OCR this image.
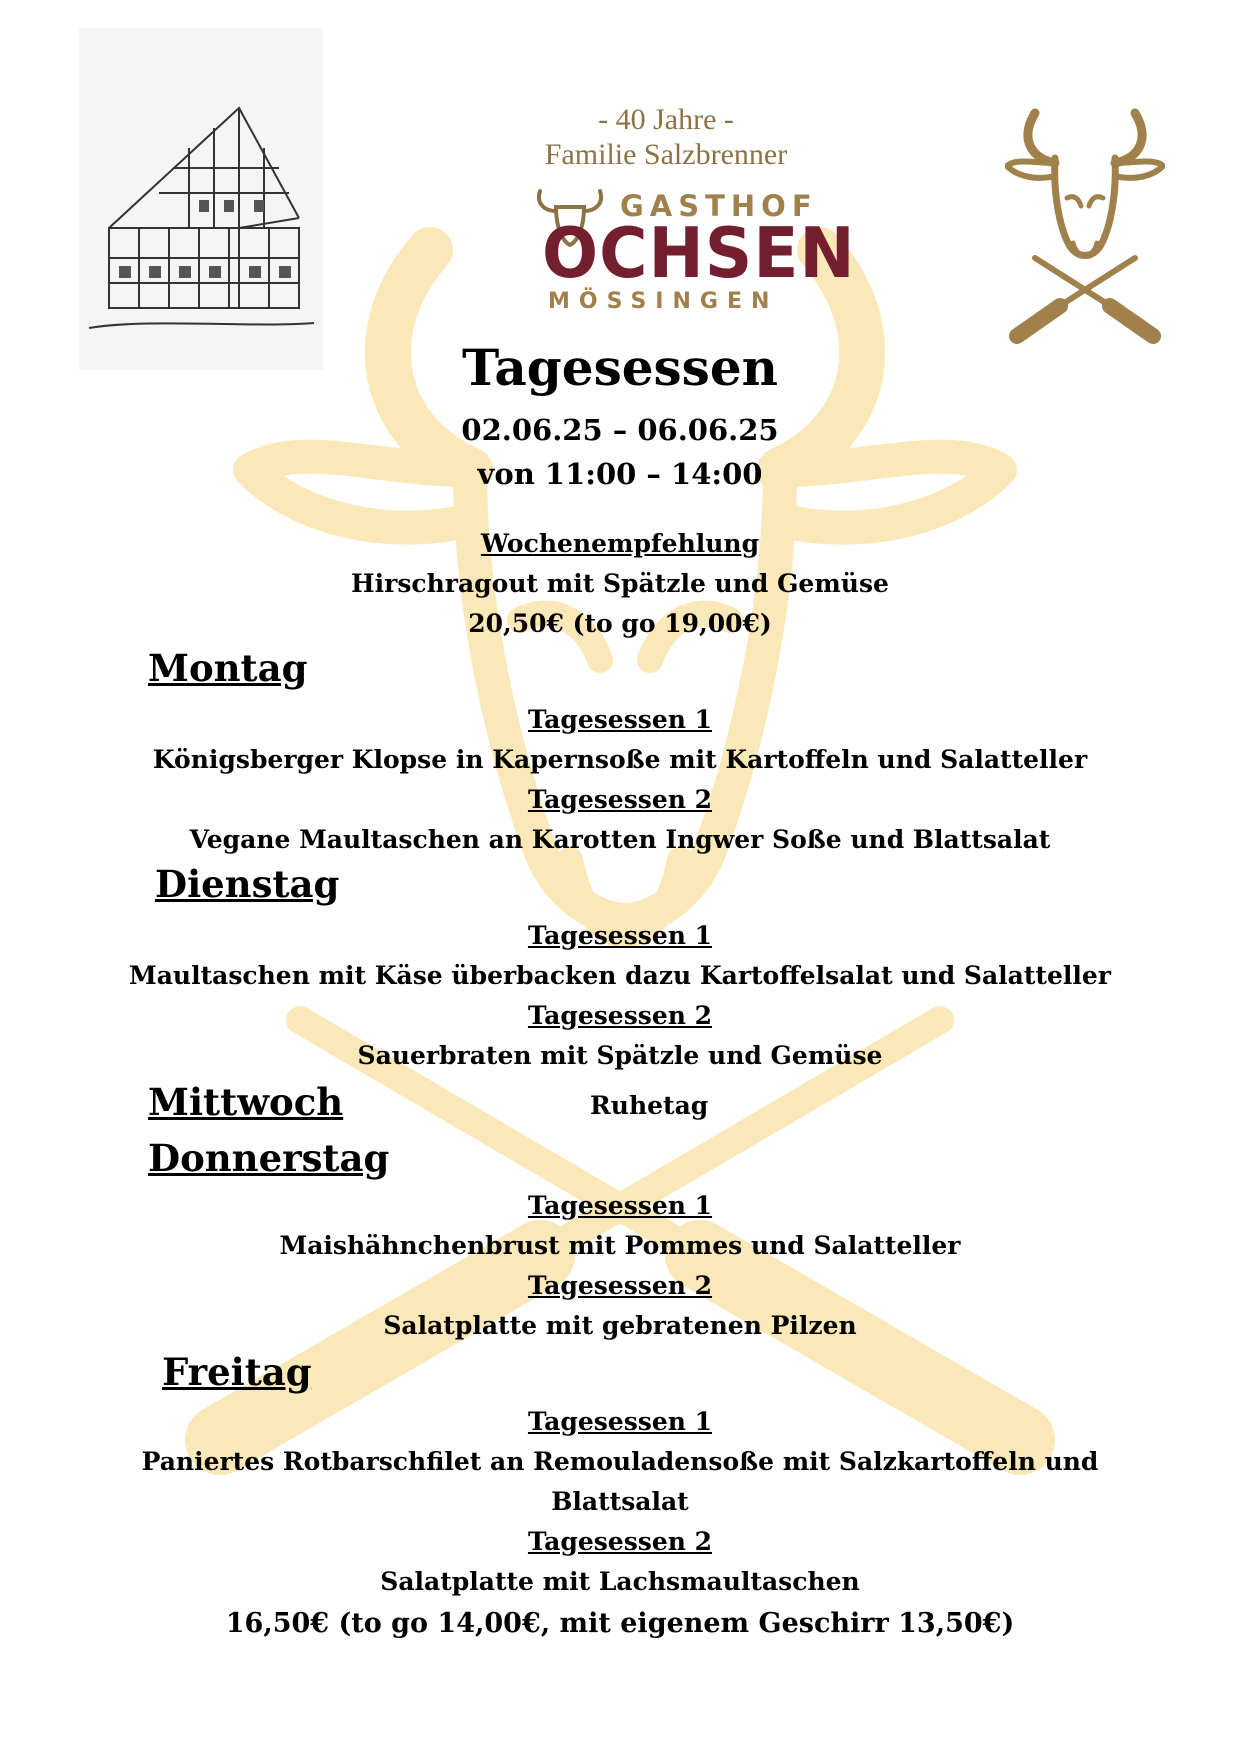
- 40 Jahre -
Familie Salzbrenner
GASTHOF
OCHSEN
MÖSSINGEN
Tagesessen
02.06.25 – 06.06.25
von 11:00 – 14:00
Wochenempfehlung
Hirschragout mit Spätzle und Gemüse
20,50€ (to go 19,00€)
Montag
Tagesessen 1
Königsberger Klopse in Kapernsoße mit Kartoffeln und Salatteller
Tagesessen 2
Vegane Maultaschen an Karotten Ingwer Soße und Blattsalat
Dienstag
Tagesessen 1
Maultaschen mit Käse überbacken dazu Kartoffelsalat und Salatteller
Tagesessen 2
Sauerbraten mit Spätzle und Gemüse
Mittwoch	Ruhetag
Donnerstag
Tagesessen 1
Maishähnchenbrust mit Pommes und Salatteller
Tagesessen 2
Salatplatte mit gebratenen Pilzen
Freitag
Tagesessen 1
Paniertes Rotbarschfilet an Remouladensoße mit Salzkartoffeln und
Blattsalat
Tagesessen 2
Salatplatte mit Lachsmaultaschen
16,50€ (to go 14,00€, mit eigenem Geschirr 13,50€)
